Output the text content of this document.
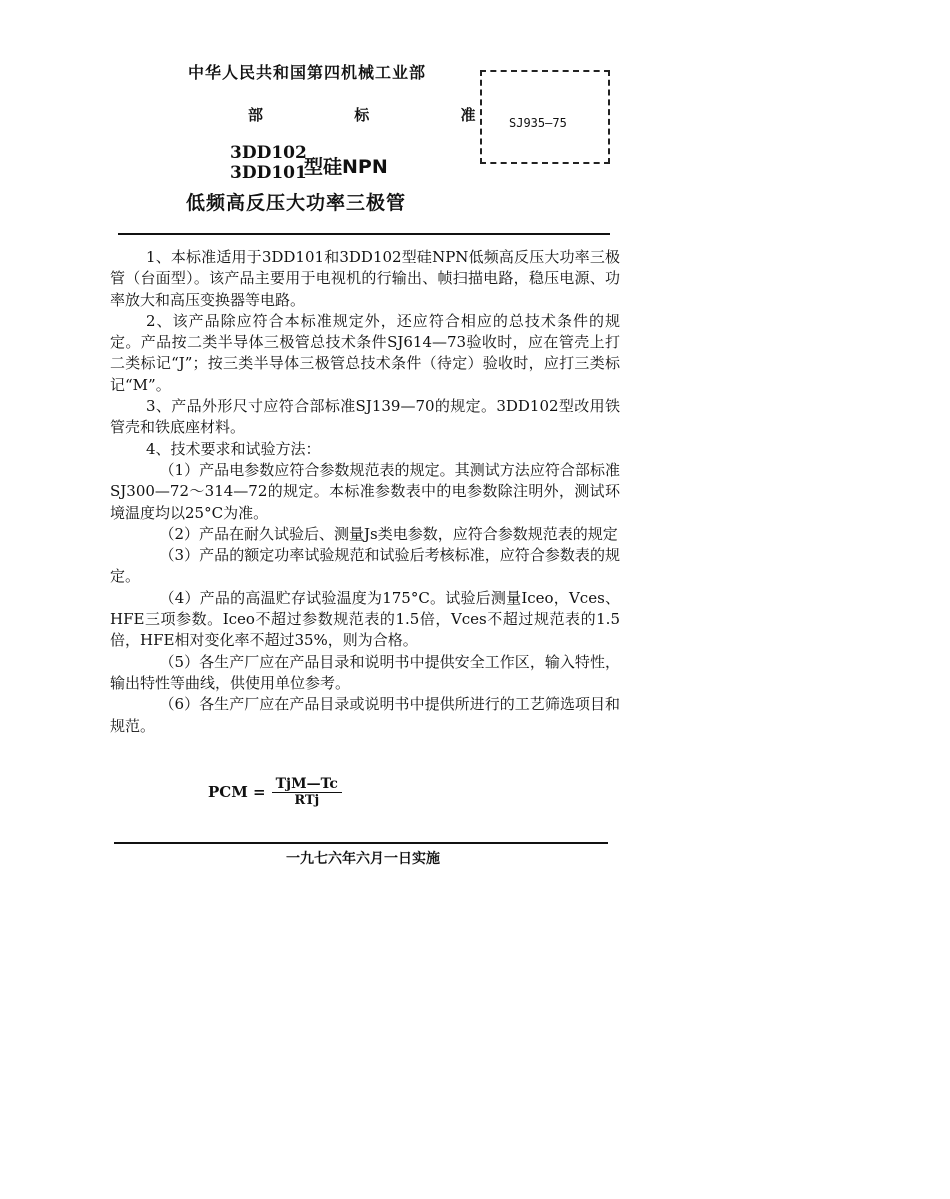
中华人民共和国第四机械工业部
部 标 准
3DD102
3DD101
型硅NPN
低频高反压大功率三极管
SJ935—75

1、本标准适用于3DD101和3DD102型硅NPN低频高反压大功率三极管（台面型）。该产品主要用于电视机的行输出、帧扫描电路，稳压电源、功率放大和高压变换器等电路。

2、该产品除应符合本标准规定外，还应符合相应的总技术条件的规定。产品按二类半导体三极管总技术条件SJ614—73验收时，应在管壳上打二类标记“J”；按三类半导体三极管总技术条件（待定）验收时，应打三类标记“M”。

3、产品外形尺寸应符合部标准SJ139—70的规定。3DD102型改用铁管壳和铁底座材料。

4、技术要求和试验方法：

（1）产品电参数应符合参数规范表的规定。其测试方法应符合部标准SJ300—72～314—72的规定。本标准参数表中的电参数除注明外，测试环境温度均以25°C为准。

（2）产品在耐久试验后、测量Js类电参数，应符合参数规范表的规定

（3）产品的额定功率试验规范和试验后考核标准，应符合参数表的规定。

（4）产品的高温贮存试验温度为175°C。试验后测量Iceo，Vces、HFE三项参数。Iceo不超过参数规范表的1.5倍，Vces不超过规范表的1.5倍，HFE相对变化率不超过35%，则为合格。

（5）各生产厂应在产品目录和说明书中提供安全工作区，输入特性，输出特性等曲线，供使用单位参考。

（6）各生产厂应在产品目录或说明书中提供所进行的工艺筛选项目和规范。

PCM = $\frac{\text{TjM—Tc}}{\text{RTj}}$
一九七六年六月一日实施
